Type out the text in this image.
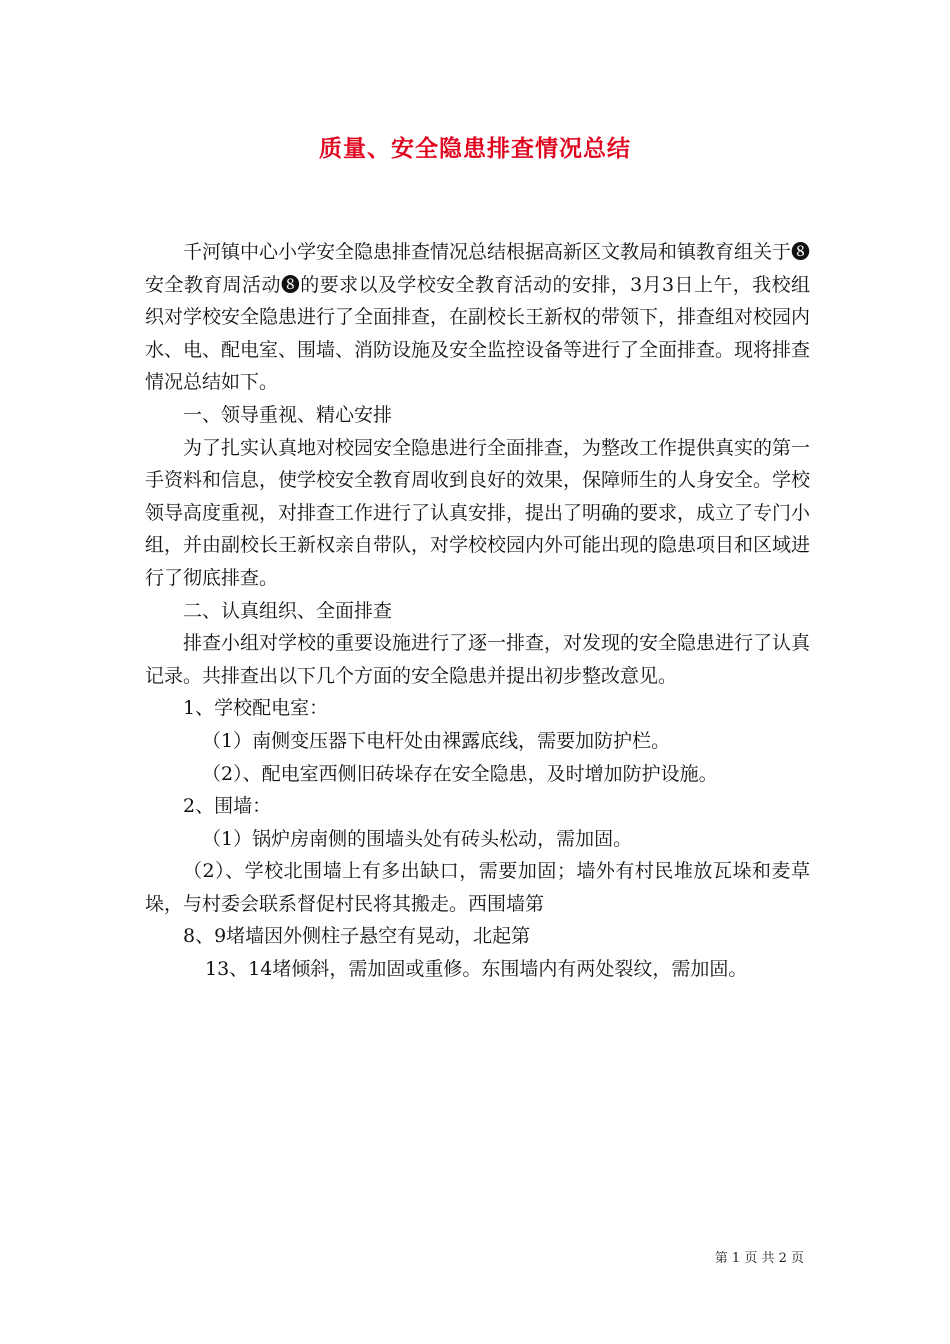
质量、安全隐患排查情况总结

千河镇中心小学安全隐患排查情况总结根据高新区文教局和镇教育组关于❽安全教育周活动❽的要求以及学校安全教育活动的安排，3月3日上午，我校组织对学校安全隐患进行了全面排查，在副校长王新权的带领下，排查组对校园内水、电、配电室、围墙、消防设施及安全监控设备等进行了全面排查。现将排查情况总结如下。

一、领导重视、精心安排

为了扎实认真地对校园安全隐患进行全面排查，为整改工作提供真实的第一手资料和信息，使学校安全教育周收到良好的效果，保障师生的人身安全。学校领导高度重视，对排查工作进行了认真安排，提出了明确的要求，成立了专门小组，并由副校长王新权亲自带队，对学校校园内外可能出现的隐患项目和区域进行了彻底排查。

二、认真组织、全面排查

排查小组对学校的重要设施进行了逐一排查，对发现的安全隐患进行了认真记录。共排查出以下几个方面的安全隐患并提出初步整改意见。

1、学校配电室：

（1）南侧变压器下电杆处由裸露底线，需要加防护栏。

（2）、配电室西侧旧砖垛存在安全隐患，及时增加防护设施。

2、围墙：

（1）锅炉房南侧的围墙头处有砖头松动，需加固。

（2）、学校北围墙上有多出缺口，需要加固；墙外有村民堆放瓦垛和麦草垛，与村委会联系督促村民将其搬走。西围墙第

8、9堵墙因外侧柱子悬空有晃动，北起第

13、14堵倾斜，需加固或重修。东围墙内有两处裂纹，需加固。

第 1 页 共 2 页
